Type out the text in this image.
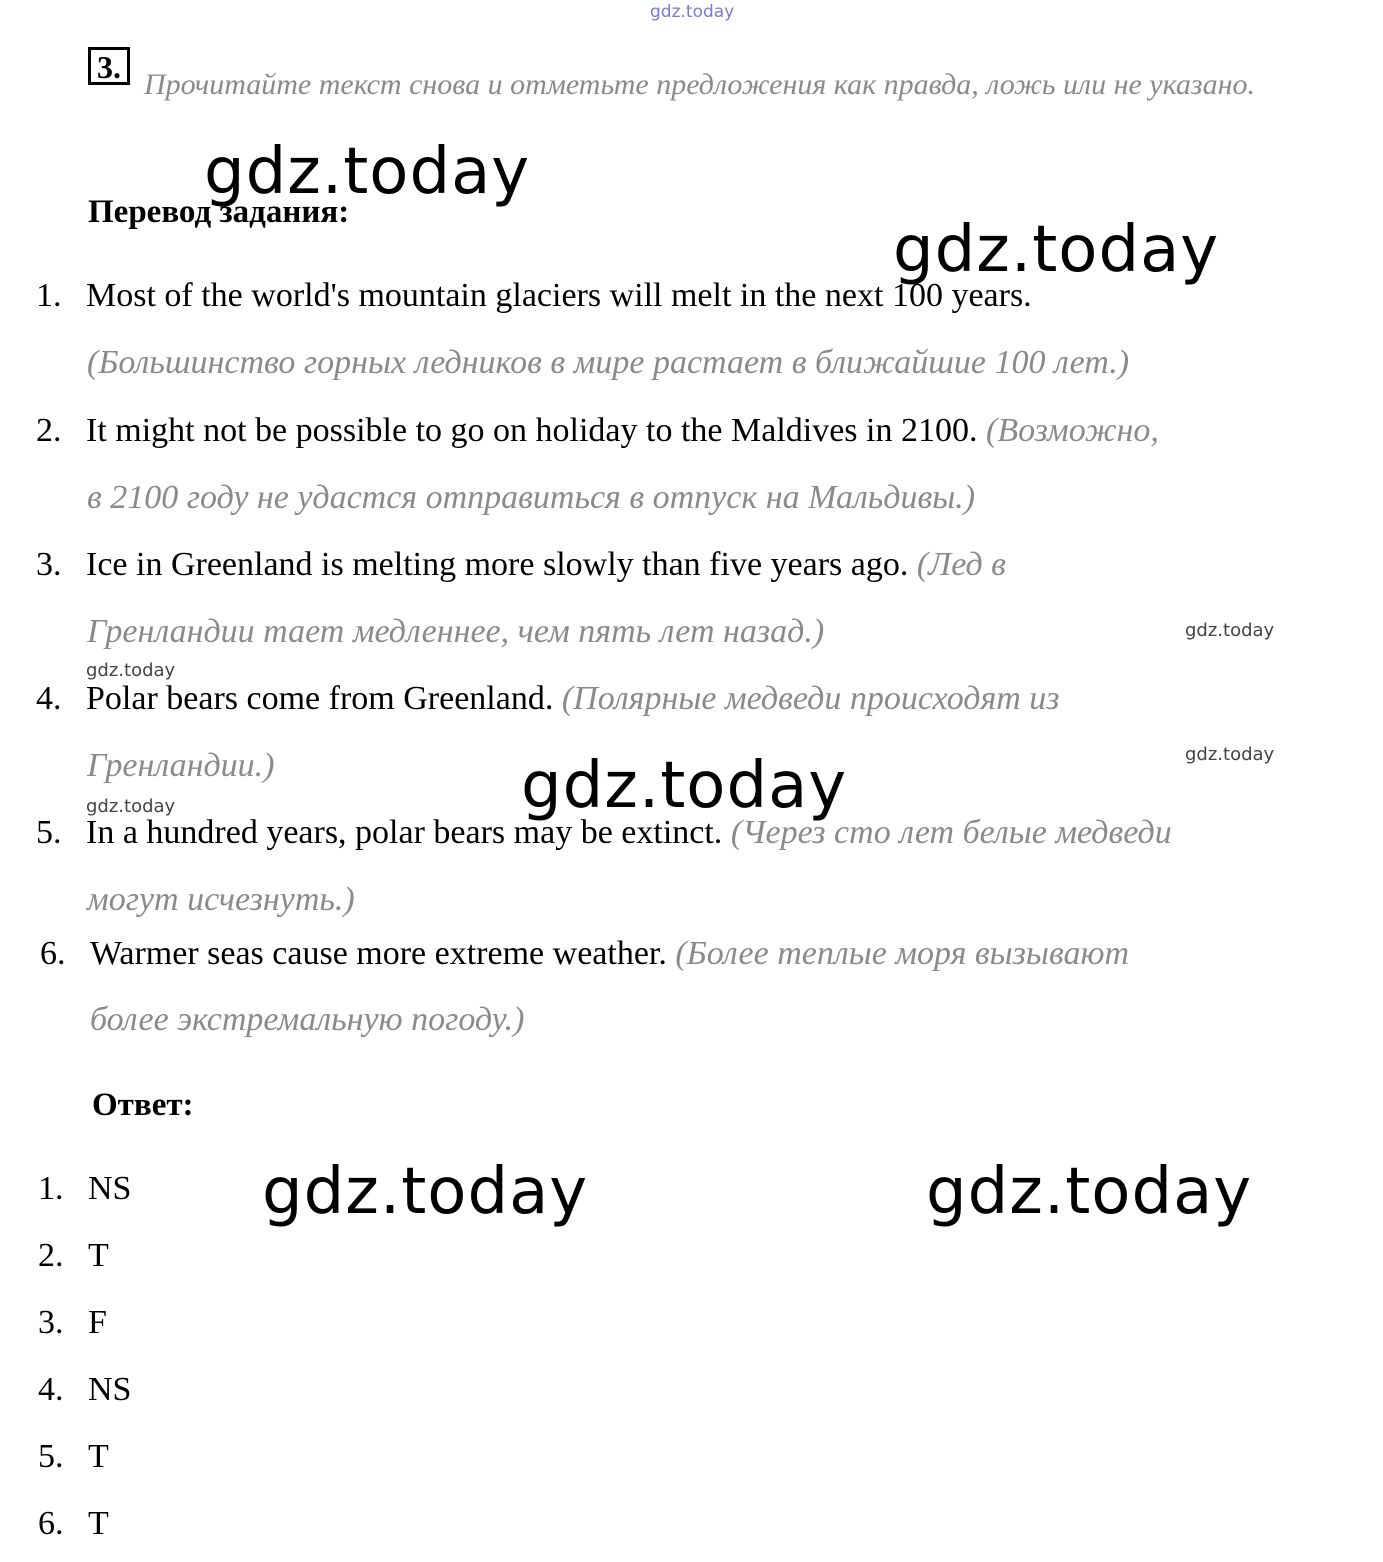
gdz.today
gdz.today
gdz.today
gdz.today
gdz.today
gdz.today
gdz.today	gdz.today
gdz.today	gdz.today
3. Прочитайте текст снова и отметьте предложения как правда, ложь или не указано.
Перевод задания:
1. Most of the world's mountain glaciers will melt in the next 100 years.
(Большинство горных ледников в мире растает в ближайшие 100 лет.)
2. It might not be possible to go on holiday to the Maldives in 2100. (Возможно,
в 2100 году не удастся отправиться в отпуск на Мальдивы.)
3. Ice in Greenland is melting more slowly than five years ago. (Лед в
Гренландии тает медленнее, чем пять лет назад.)
4. Polar bears come from Greenland. (Полярные медведи происходят из
Гренландии.)
5. In a hundred years, polar bears may be extinct. (Через сто лет белые медведи
могут исчезнуть.)
6. Warmer seas cause more extreme weather. (Более теплые моря вызывают
более экстремальную погоду.)
Ответ:
1. NS
2. T
3. F
4. NS
5. T
6. T
